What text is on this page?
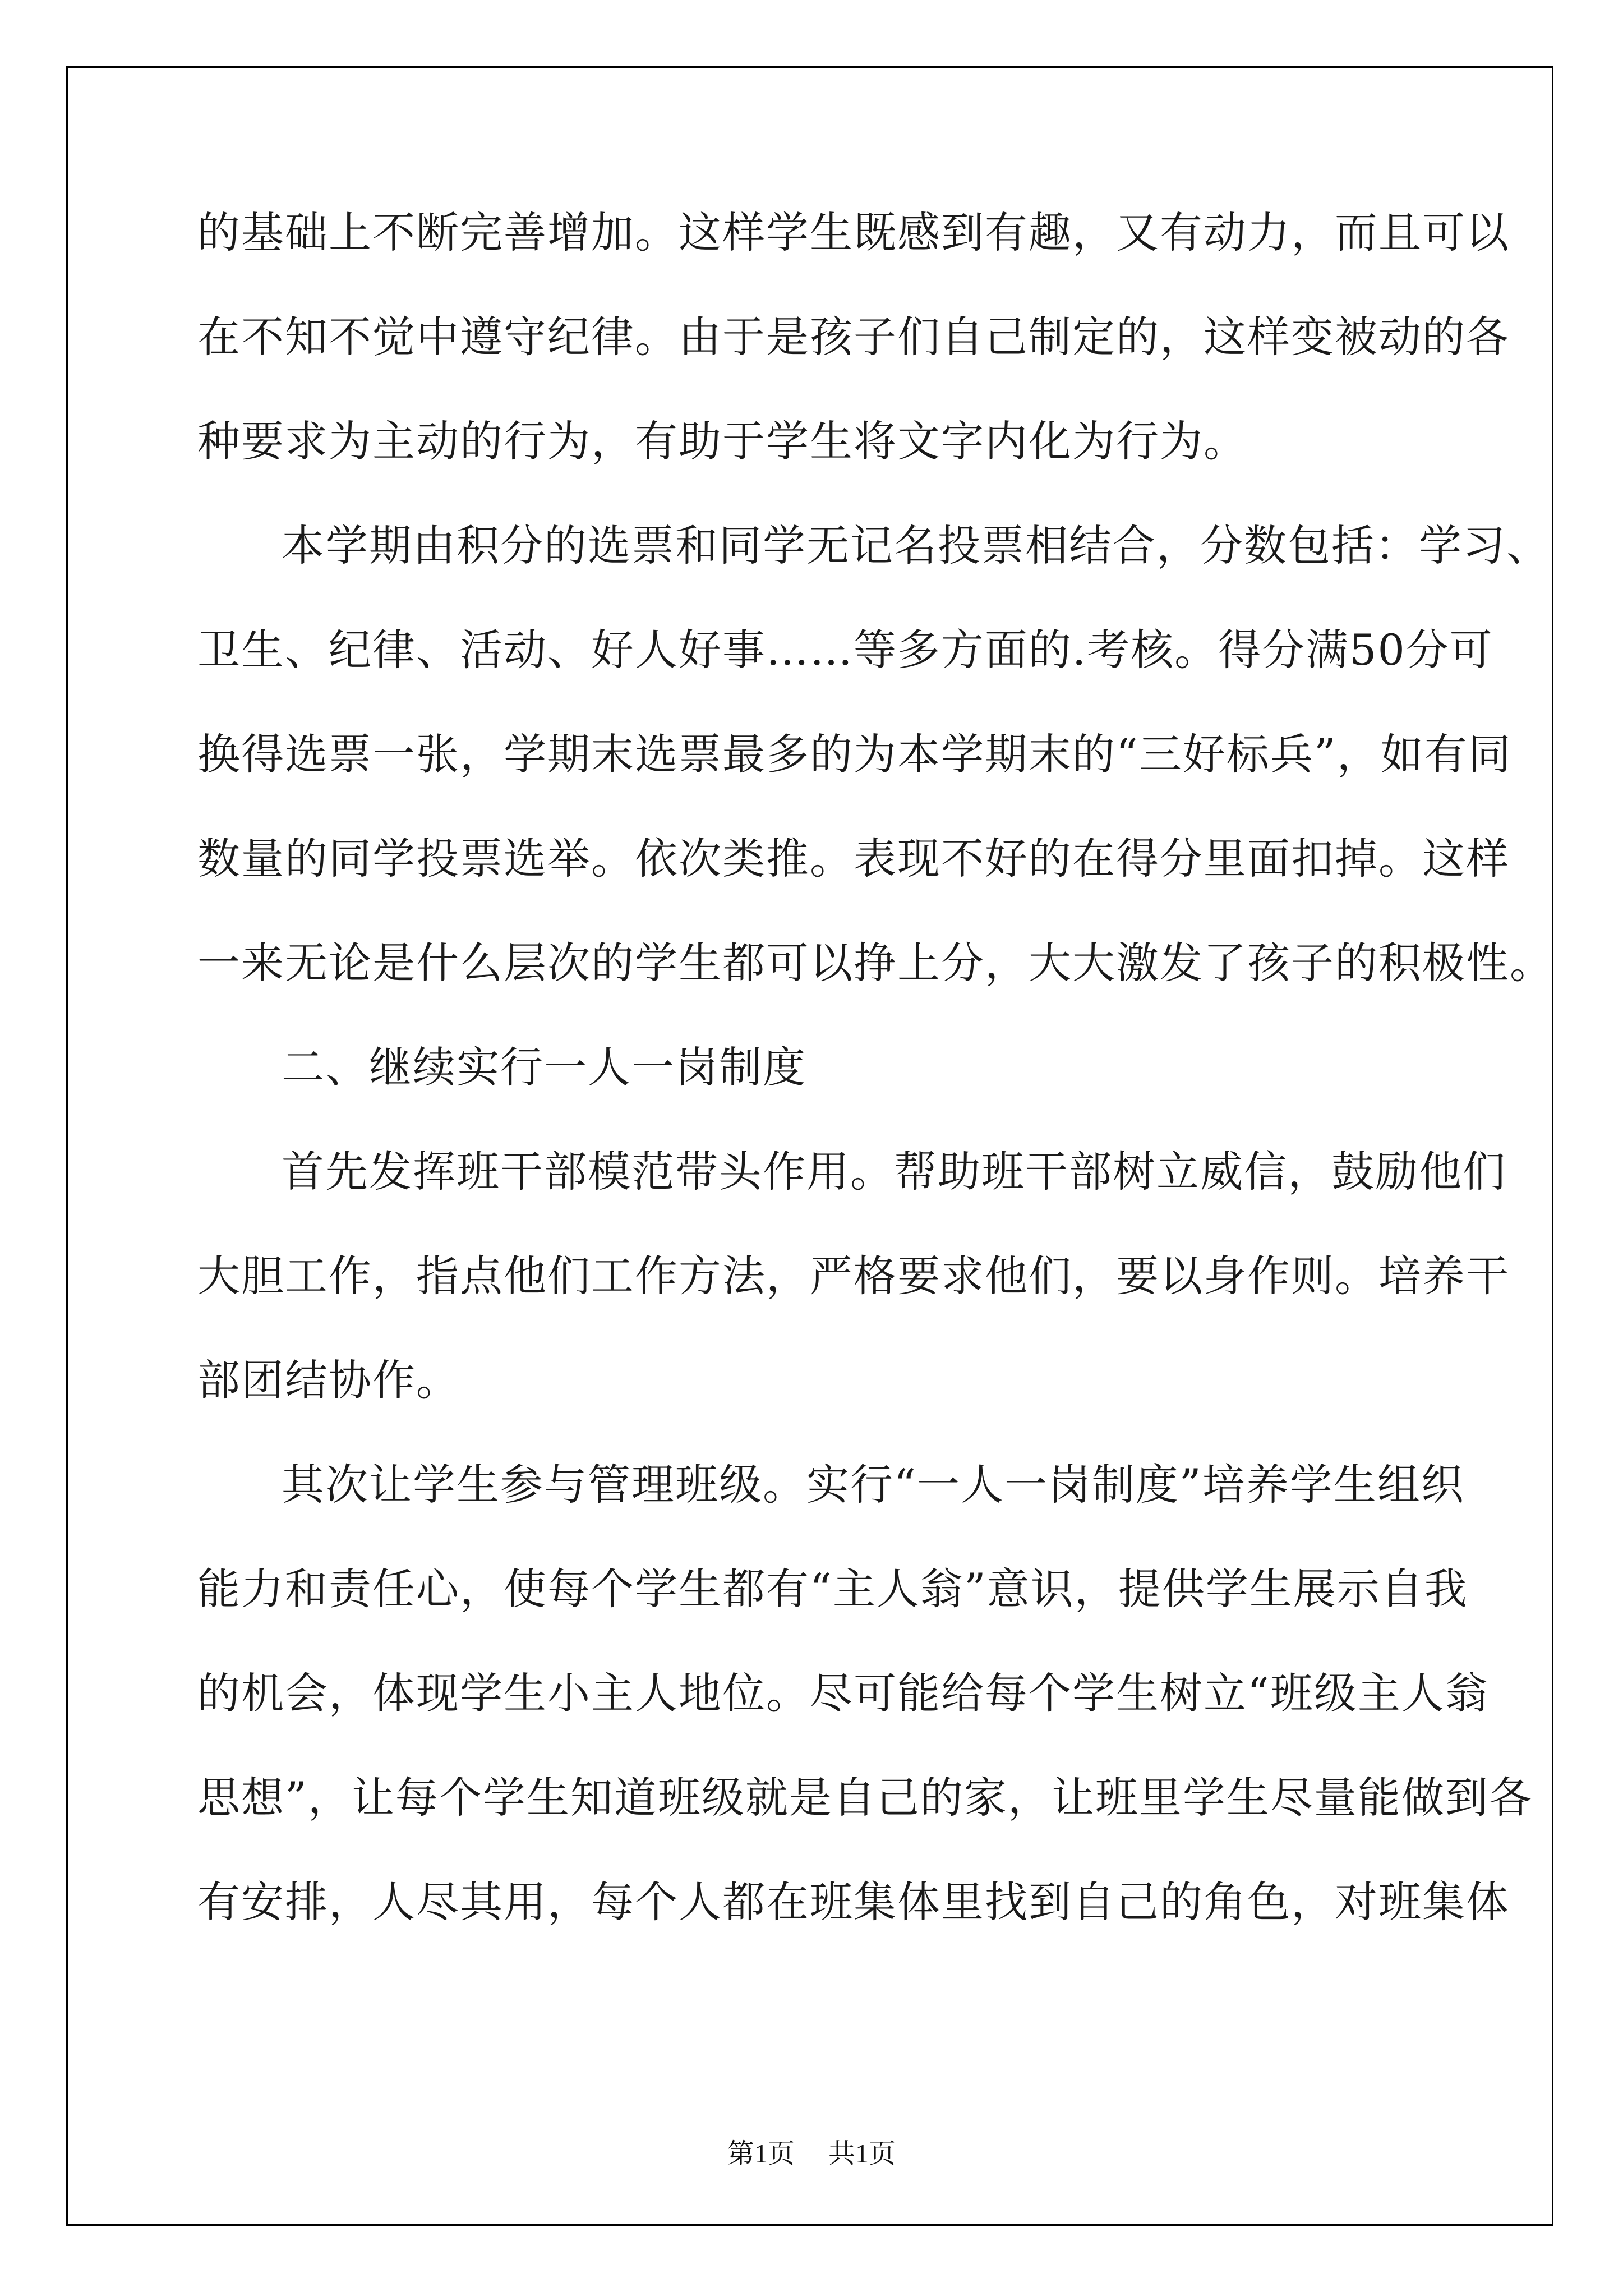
的基础上不断完善增加。这样学生既感到有趣，又有动力，而且可以
在不知不觉中遵守纪律。由于是孩子们自己制定的，这样变被动的各
种要求为主动的行为，有助于学生将文字内化为行为。
本学期由积分的选票和同学无记名投票相结合，分数包括：学习、
卫生、纪律、活动、好人好事……等多方面的.考核。得分满50分可
换得选票一张，学期末选票最多的为本学期末的“三好标兵”，如有同
数量的同学投票选举。依次类推。表现不好的在得分里面扣掉。这样
一来无论是什么层次的学生都可以挣上分，大大激发了孩子的积极性。
二、继续实行一人一岗制度
首先发挥班干部模范带头作用。帮助班干部树立威信，鼓励他们
大胆工作，指点他们工作方法，严格要求他们，要以身作则。培养干
部团结协作。
其次让学生参与管理班级。实行“一人一岗制度”培养学生组织
能力和责任心，使每个学生都有“主人翁”意识，提供学生展示自我
的机会，体现学生小主人地位。尽可能给每个学生树立“班级主人翁
思想”，让每个学生知道班级就是自己的家，让班里学生尽量能做到各
有安排，人尽其用，每个人都在班集体里找到自己的角色，对班集体
第1页 共1页
